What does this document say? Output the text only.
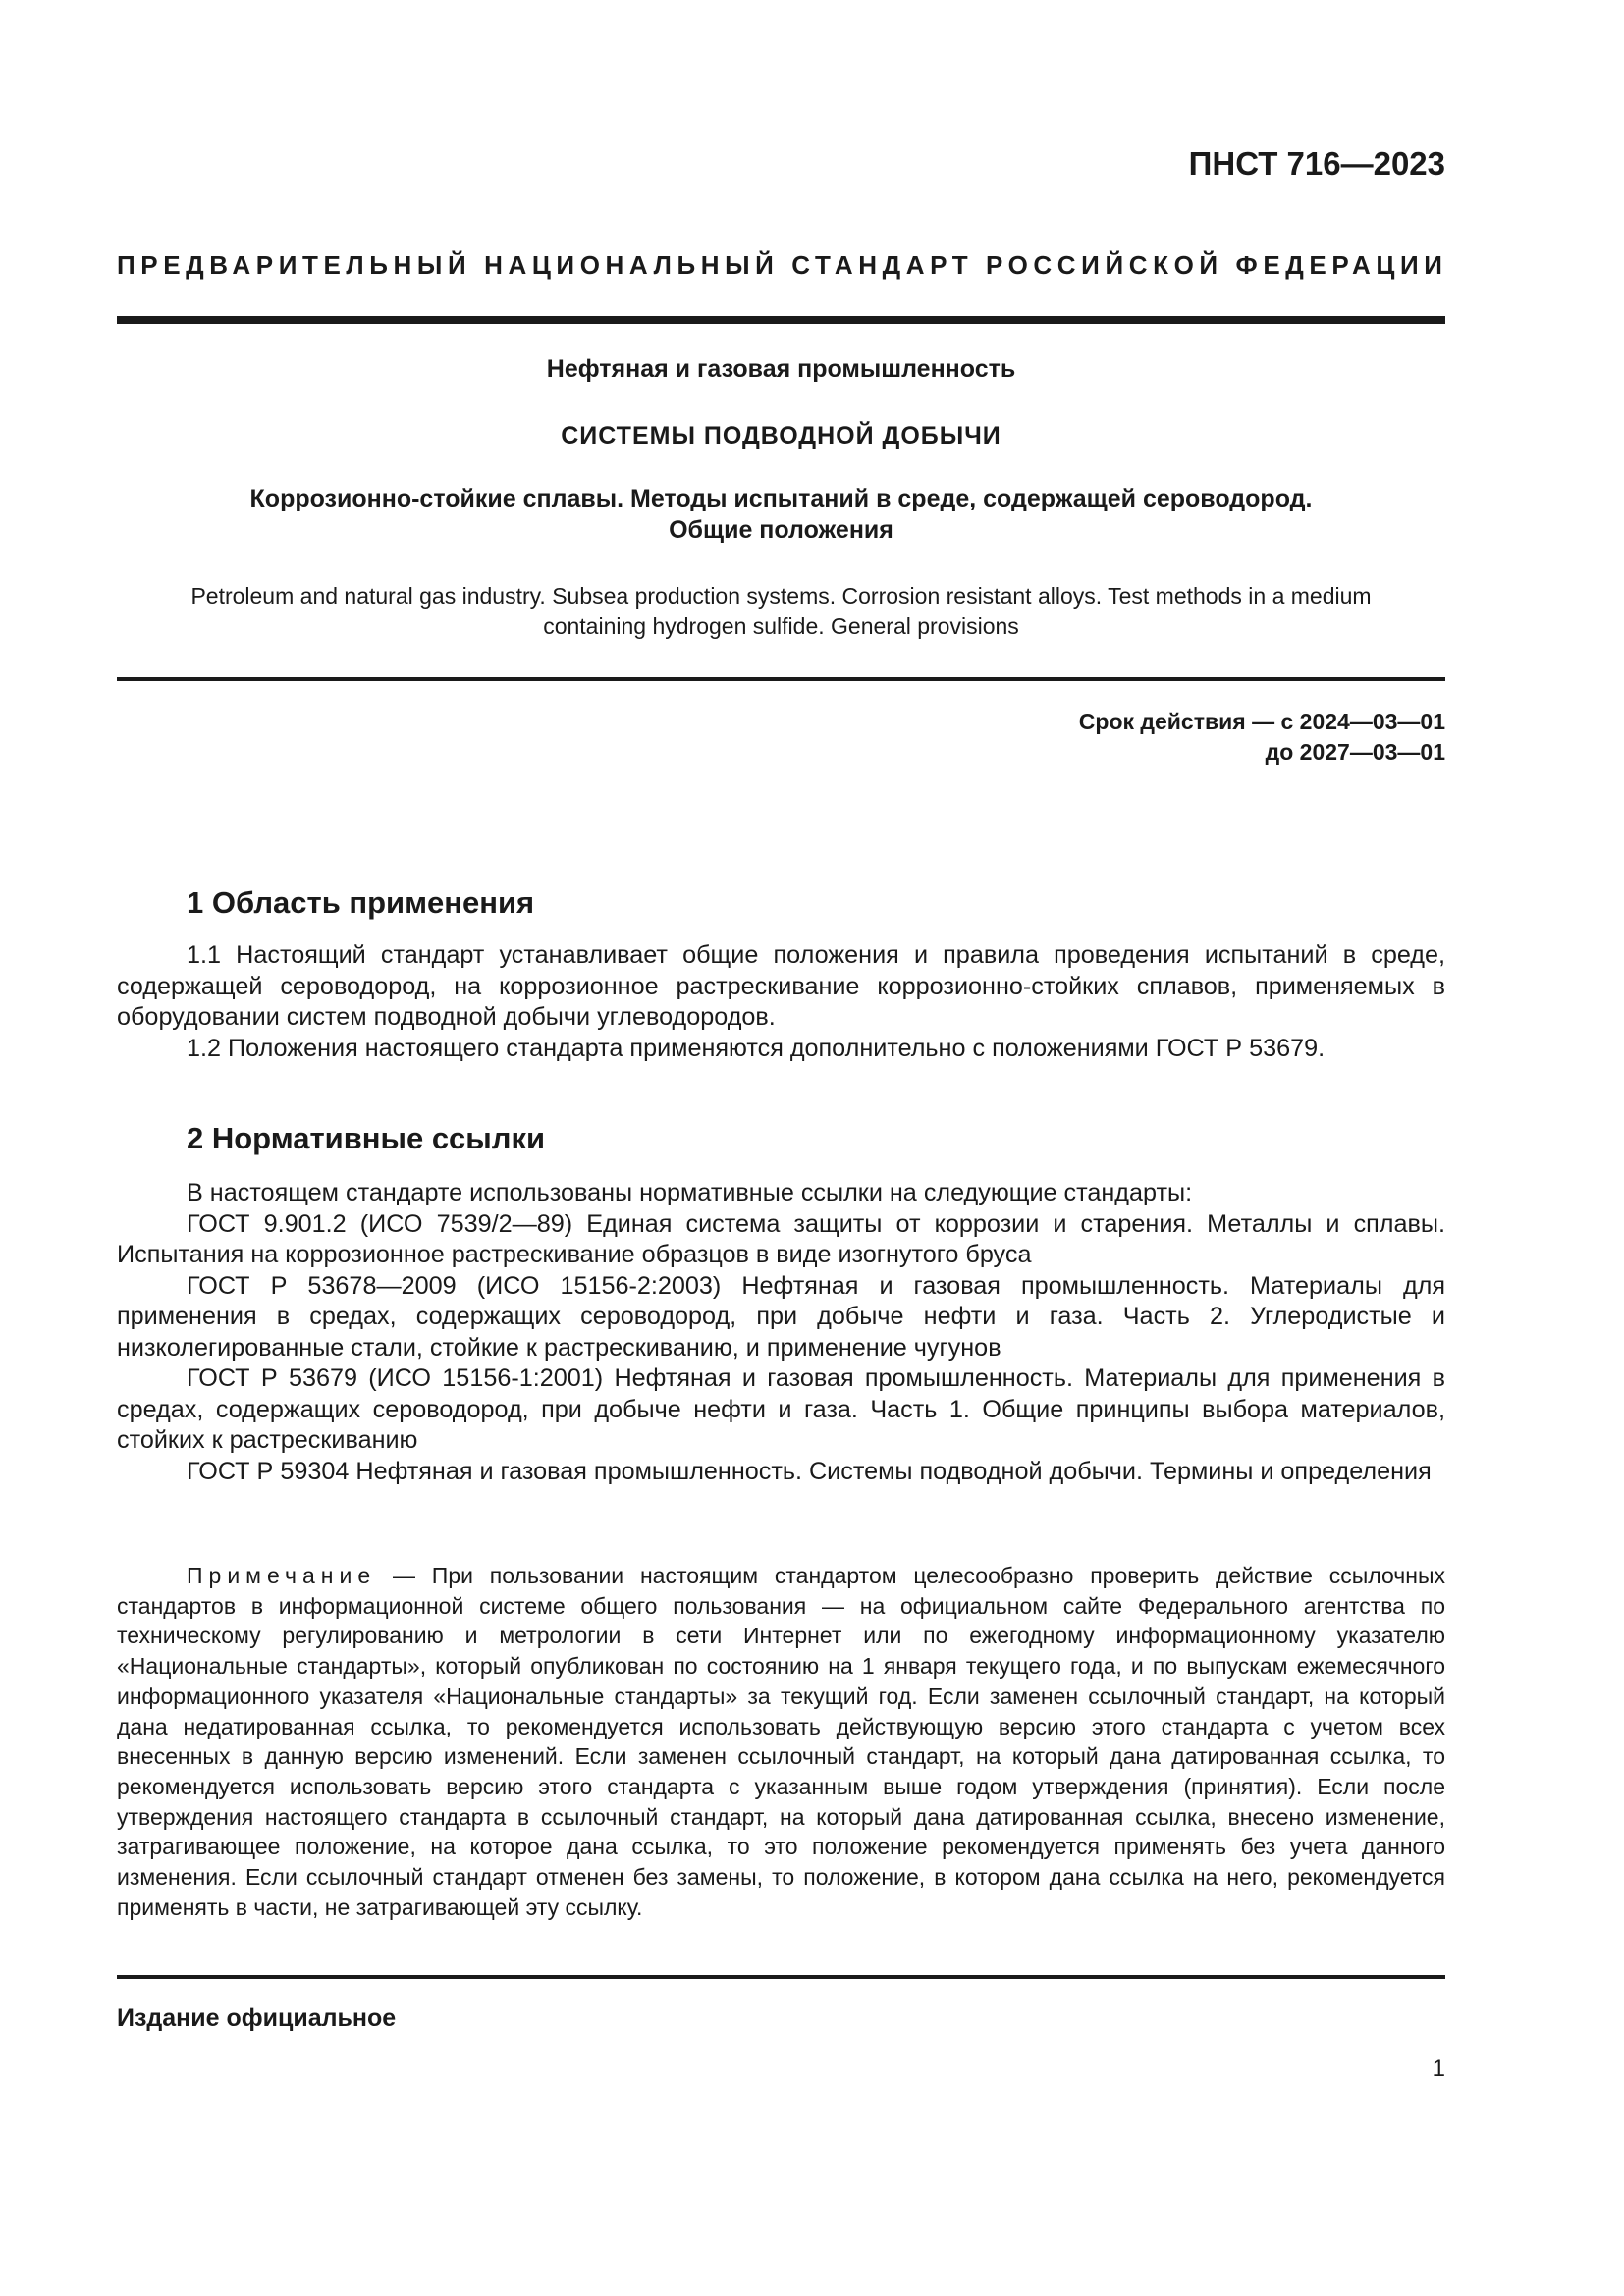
ПНСТ 716—2023
ПРЕДВАРИТЕЛЬНЫЙ НАЦИОНАЛЬНЫЙ СТАНДАРТ РОССИЙСКОЙ ФЕДЕРАЦИИ
Нефтяная и газовая промышленность
СИСТЕМЫ ПОДВОДНОЙ ДОБЫЧИ
Коррозионно-стойкие сплавы. Методы испытаний в среде, содержащей сероводород.
Общие положения
Petroleum and natural gas industry. Subsea production systems. Corrosion resistant alloys. Test methods in a medium
containing hydrogen sulfide. General provisions
Срок действия — с 2024—03—01
до 2027—03—01
1 Область применения

1.1 Настоящий стандарт устанавливает общие положения и правила проведения испытаний в среде, содержащей сероводород, на коррозионное растрескивание коррозионно-стойких сплавов, применяемых в оборудовании систем подводной добычи углеводородов.

1.2 Положения настоящего стандарта применяются дополнительно с положениями ГОСТ Р 53679.

2 Нормативные ссылки

В настоящем стандарте использованы нормативные ссылки на следующие стандарты:

ГОСТ 9.901.2 (ИСО 7539/2—89) Единая система защиты от коррозии и старения. Металлы и сплавы. Испытания на коррозионное растрескивание образцов в виде изогнутого бруса

ГОСТ Р 53678—2009 (ИСО 15156-2:2003) Нефтяная и газовая промышленность. Материалы для применения в средах, содержащих сероводород, при добыче нефти и газа. Часть 2. Углеродистые и низколегированные стали, стойкие к растрескиванию, и применение чугунов

ГОСТ Р 53679 (ИСО 15156-1:2001) Нефтяная и газовая промышленность. Материалы для применения в средах, содержащих сероводород, при добыче нефти и газа. Часть 1. Общие принципы выбора материалов, стойких к растрескиванию

ГОСТ Р 59304 Нефтяная и газовая промышленность. Системы подводной добычи. Термины и определения

Примечание — При пользовании настоящим стандартом целесообразно проверить действие ссылочных стандартов в информационной системе общего пользования — на официальном сайте Федерального агентства по техническому регулированию и метрологии в сети Интернет или по ежегодному информационному указателю «Национальные стандарты», который опубликован по состоянию на 1 января текущего года, и по выпускам ежемесячного информационного указателя «Национальные стандарты» за текущий год. Если заменен ссылочный стандарт, на который дана недатированная ссылка, то рекомендуется использовать действующую версию этого стандарта с учетом всех внесенных в данную версию изменений. Если заменен ссылочный стандарт, на который дана датированная ссылка, то рекомендуется использовать версию этого стандарта с указанным выше годом утверждения (принятия). Если после утверждения настоящего стандарта в ссылочный стандарт, на который дана датированная ссылка, внесено изменение, затрагивающее положение, на которое дана ссылка, то это положение рекомендуется применять без учета данного изменения. Если ссылочный стандарт отменен без замены, то положение, в котором дана ссылка на него, рекомендуется применять в части, не затрагивающей эту ссылку.

Издание официальное
1
